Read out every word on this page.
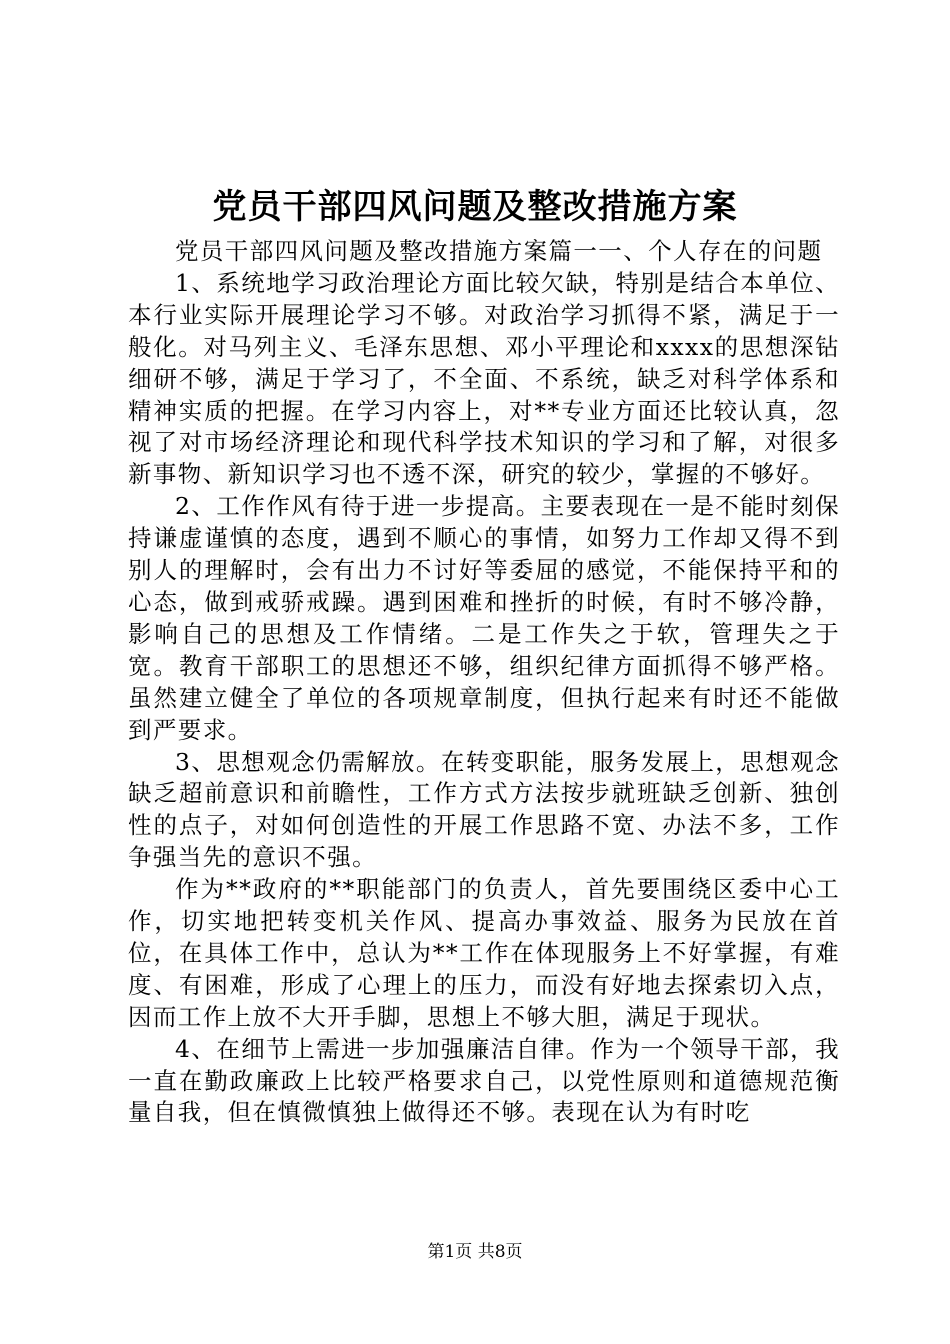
党员干部四风问题及整改措施方案

党员干部四风问题及整改措施方案篇一一、个人存在的问题

1、系统地学习政治理论方面比较欠缺，特别是结合本单位、本行业实际开展理论学习不够。对政治学习抓得不紧，满足于一般化。对马列主义、毛泽东思想、邓小平理论和xxxx的思想深钻细研不够，满足于学习了，不全面、不系统，缺乏对科学体系和精神实质的把握。在学习内容上，对**专业方面还比较认真，忽视了对市场经济理论和现代科学技术知识的学习和了解，对很多新事物、新知识学习也不透不深，研究的较少，掌握的不够好。

2、工作作风有待于进一步提高。主要表现在一是不能时刻保持谦虚谨慎的态度，遇到不顺心的事情，如努力工作却又得不到别人的理解时，会有出力不讨好等委屈的感觉，不能保持平和的心态，做到戒骄戒躁。遇到困难和挫折的时候，有时不够冷静，影响自己的思想及工作情绪。二是工作失之于软，管理失之于宽。教育干部职工的思想还不够，组织纪律方面抓得不够严格。虽然建立健全了单位的各项规章制度，但执行起来有时还不能做到严要求。

3、思想观念仍需解放。在转变职能，服务发展上，思想观念缺乏超前意识和前瞻性，工作方式方法按步就班缺乏创新、独创性的点子，对如何创造性的开展工作思路不宽、办法不多，工作争强当先的意识不强。

作为**政府的**职能部门的负责人，首先要围绕区委中心工作，切实地把转变机关作风、提高办事效益、服务为民放在首位，在具体工作中，总认为**工作在体现服务上不好掌握，有难度、有困难，形成了心理上的压力，而没有好地去探索切入点，因而工作上放不大开手脚，思想上不够大胆，满足于现状。

4、在细节上需进一步加强廉洁自律。作为一个领导干部，我一直在勤政廉政上比较严格要求自己，以党性原则和道德规范衡量自我，但在慎微慎独上做得还不够。表现在认为有时吃

第1页 共8页
